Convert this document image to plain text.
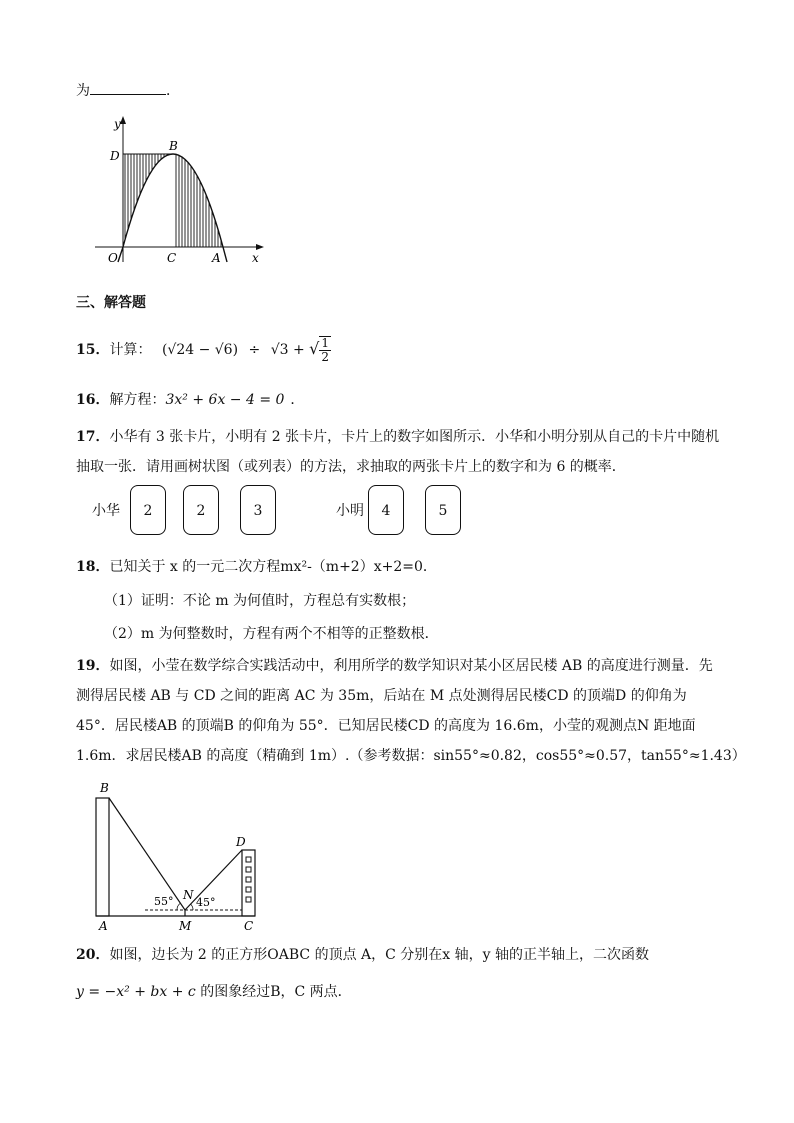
为	．
y
D
B
O	C	A	x
三、解答题
15．计算： (√24 − √6) ÷ √3 + √ $\frac{1}{2}$
16．解方程：3x² + 6x − 4 = 0 ．
17．小华有 3 张卡片，小明有 2 张卡片，卡片上的数字如图所示．小华和小明分别从自己的卡片中随机
抽取一张．请用画树状图（或列表）的方法，求抽取的两张卡片上的数字和为 6 的概率．
小华	2	2	3	小明	4	5
18．已知关于 x 的一元二次方程mx²-（m+2）x+2=0．
（1）证明：不论 m 为何值时，方程总有实数根；
（2）m 为何整数时，方程有两个不相等的正整数根．
19．如图，小莹在数学综合实践活动中，利用所学的数学知识对某小区居民楼 AB 的高度进行测量．先
测得居民楼 AB 与 CD 之间的距离 AC 为 35m，后站在 M 点处测得居民楼CD 的顶端D 的仰角为
45°．居民楼AB 的顶端B 的仰角为 55°．已知居民楼CD 的高度为 16.6m，小莹的观测点N 距地面
1.6m．求居民楼AB 的高度（精确到 1m）.（参考数据：sin55°≈0.82，cos55°≈0.57，tan55°≈1.43）
B
A
D
C
N
M
55° 45°
20．如图，边长为 2 的正方形OABC 的顶点 A，C 分别在x 轴，y 轴的正半轴上，二次函数
y = −x² + bx + c 的图象经过B，C 两点．
